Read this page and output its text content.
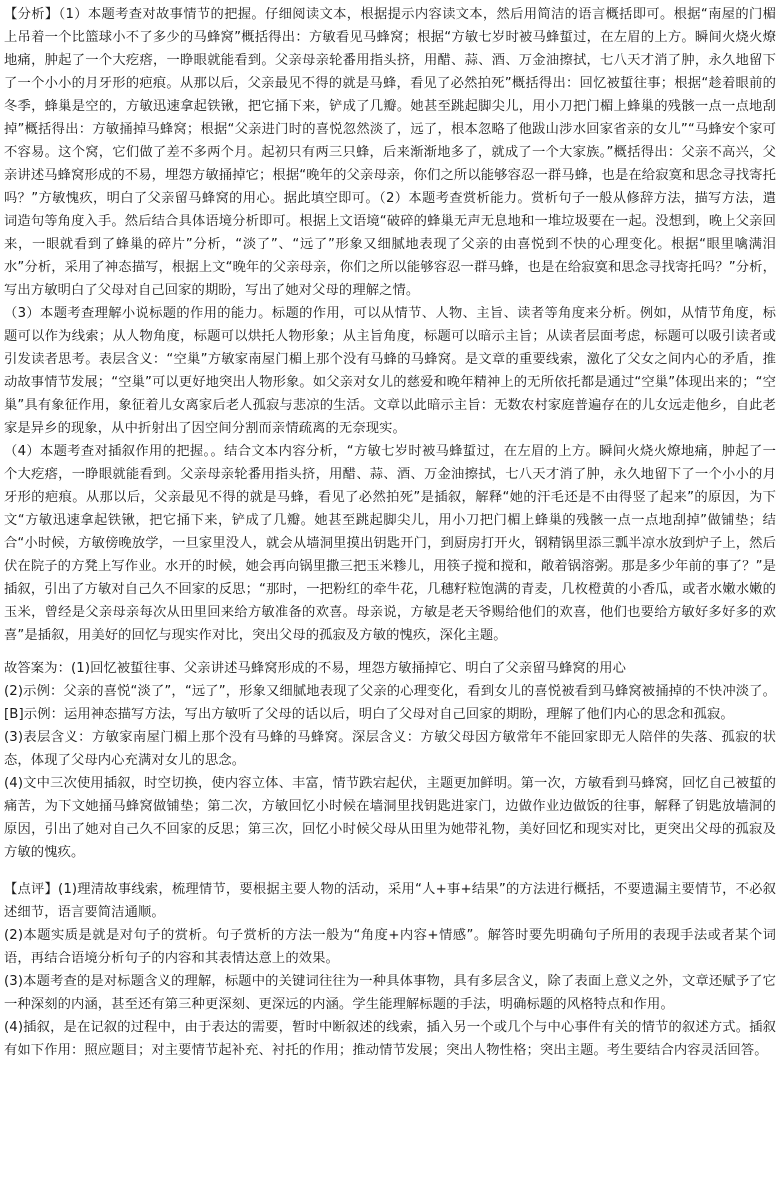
【分析】（1）本题考查对故事情节的把握。仔细阅读文本，根据提示内容读文本，然后用简洁的语言概括即可。根据“南屋的门楣上吊着一个比篮球小不了多少的马蜂窝”概括得出：方敏看见马蜂窝；根据“方敏七岁时被马蜂蜇过，在左眉的上方。瞬间火烧火燎地痛，肿起了一个大疙瘩，一睁眼就能看到。父亲母亲轮番用指头挤，用醋、蒜、酒、万金油擦拭，七八天才消了肿，永久地留下了一个小小的月牙形的疤痕。从那以后，父亲最见不得的就是马蜂，看见了必然拍死”概括得出：回忆被蜇往事；根据“趁着眼前的冬季，蜂巢是空的，方敏迅速拿起铁锹，把它捅下来，铲成了几瓣。她甚至跳起脚尖儿，用小刀把门楣上蜂巢的残骸一点一点地刮掉”概括得出：方敏捅掉马蜂窝；根据“父亲进门时的喜悦忽然淡了，远了，根本忽略了他跋山涉水回家省亲的女儿”“马蜂安个家可不容易。这个窝，它们做了差不多两个月。起初只有两三只蜂，后来渐渐地多了，就成了一个大家族。”概括得出：父亲不高兴，父亲讲述马蜂窝形成的不易，埋怨方敏捅掉它；根据“晚年的父亲母亲，你们之所以能够容忍一群马蜂，也是在给寂寞和思念寻找寄托吗？”方敏愧疚，明白了父亲留马蜂窝的用心。据此填空即可。（2）本题考查赏析能力。赏析句子一般从修辞方法，描写方法，遣词造句等角度入手。然后结合具体语境分析即可。根据上文语境“破碎的蜂巢无声无息地和一堆垃圾要在一起。没想到，晚上父亲回来，一眼就看到了蜂巢的碎片”分析，“淡了”、“远了”形象又细腻地表现了父亲的由喜悦到不快的心理变化。根据“眼里噙满泪水”分析，采用了神态描写，根据上文“晚年的父亲母亲，你们之所以能够容忍一群马蜂，也是在给寂寞和思念寻找寄托吗？”分析，写出方敏明白了父母对自己回家的期盼，写出了她对父母的理解之情。

（3）本题考查理解小说标题的作用的能力。标题的作用，可以从情节、人物、主旨、读者等角度来分析。例如，从情节角度，标题可以作为线索；从人物角度，标题可以烘托人物形象；从主旨角度，标题可以暗示主旨；从读者层面考虑，标题可以吸引读者或引发读者思考。表层含义：“空巢”方敏家南屋门楣上那个没有马蜂的马蜂窝。是文章的重要线索，激化了父女之间内心的矛盾，推动故事情节发展；“空巢”可以更好地突出人物形象。如父亲对女儿的慈爱和晚年精神上的无所依托都是通过“空巢”体现出来的；“空巢”具有象征作用，象征着儿女离家后老人孤寂与悲凉的生活。文章以此暗示主旨：无数农村家庭普遍存在的儿女远走他乡，自此老家是异乡的现象，从中折射出了因空间分割而亲情疏离的无奈现实。

（4）本题考查对插叙作用的把握。。结合文本内容分析，“方敏七岁时被马蜂蜇过，在左眉的上方。瞬间火烧火燎地痛，肿起了一个大疙瘩，一睁眼就能看到。父亲母亲轮番用指头挤，用醋、蒜、酒、万金油擦拭，七八天才消了肿，永久地留下了一个小小的月牙形的疤痕。从那以后，父亲最见不得的就是马蜂，看见了必然拍死”是插叙，解释“她的汗毛还是不由得竖了起来”的原因，为下文“方敏迅速拿起铁锹，把它捅下来，铲成了几瓣。她甚至跳起脚尖儿，用小刀把门楣上蜂巢的残骸一点一点地刮掉”做铺垫；结合“小时候，方敏傍晚放学，一旦家里没人，就会从墙洞里摸出钥匙开门，到厨房打开火，钢精锅里添三瓢半凉水放到炉子上，然后伏在院子的方凳上写作业。水开的时候，她会再向锅里撒三把玉米糁儿，用筷子搅和搅和，敞着锅溶粥。那是多少年前的事了？”是插叙，引出了方敏对自己久不回家的反思；“那时，一把粉红的牵牛花，几穗籽粒饱满的青麦，几枚橙黄的小香瓜，或者水嫩水嫩的玉米，曾经是父亲母亲每次从田里回来给方敏准备的欢喜。母亲说，方敏是老天爷赐给他们的欢喜，他们也要给方敏好多好多的欢喜”是插叙，用美好的回忆与现实作对比，突出父母的孤寂及方敏的愧疚，深化主题。

故答案为：(1)回忆被蜇往事、父亲讲述马蜂窝形成的不易，埋怨方敏捅掉它、明白了父亲留马蜂窝的用心

(2)示例：父亲的喜悦“淡了”，“远了”，形象又细腻地表现了父亲的心理变化，看到女儿的喜悦被看到马蜂窝被捅掉的不快冲淡了。[B]示例：运用神态描写方法，写出方敏听了父母的话以后，明白了父母对自己回家的期盼，理解了他们内心的思念和孤寂。

(3)表层含义：方敏家南屋门楣上那个没有马蜂的马蜂窝。深层含义：方敏父母因方敏常年不能回家即无人陪伴的失落、孤寂的状态，体现了父母内心充满对女儿的思念。

(4)文中三次使用插叙，时空切换，使内容立体、丰富，情节跌宕起伏，主题更加鲜明。第一次，方敏看到马蜂窝，回忆自己被蜇的痛苦，为下文她捅马蜂窝做铺垫；第二次，方敏回忆小时候在墙洞里找钥匙进家门，边做作业边做饭的往事，解释了钥匙放墙洞的原因，引出了她对自己久不回家的反思；第三次，回忆小时候父母从田里为她带礼物，美好回忆和现实对比，更突出父母的孤寂及方敏的愧疚。

【点评】(1)理清故事线索，梳理情节，要根据主要人物的活动，采用“人+事+结果”的方法进行概括，不要遗漏主要情节，不必叙述细节，语言要简洁通顺。

(2)本题实质是就是对句子的赏析。句子赏析的方法一般为“角度+内容+情感”。解答时要先明确句子所用的表现手法或者某个词语，再结合语境分析句子的内容和其表情达意上的效果。

(3)本题考查的是对标题含义的理解，标题中的关键词往往为一种具体事物，具有多层含义，除了表面上意义之外，文章还赋予了它一种深刻的内涵，甚至还有第三种更深刻、更深远的内涵。学生能理解标题的手法，明确标题的风格特点和作用。

(4)插叙，是在记叙的过程中，由于表达的需要，暂时中断叙述的线索，插入另一个或几个与中心事件有关的情节的叙述方式。插叙有如下作用：照应题目；对主要情节起补充、衬托的作用；推动情节发展；突出人物性格；突出主题。考生要结合内容灵活回答。
